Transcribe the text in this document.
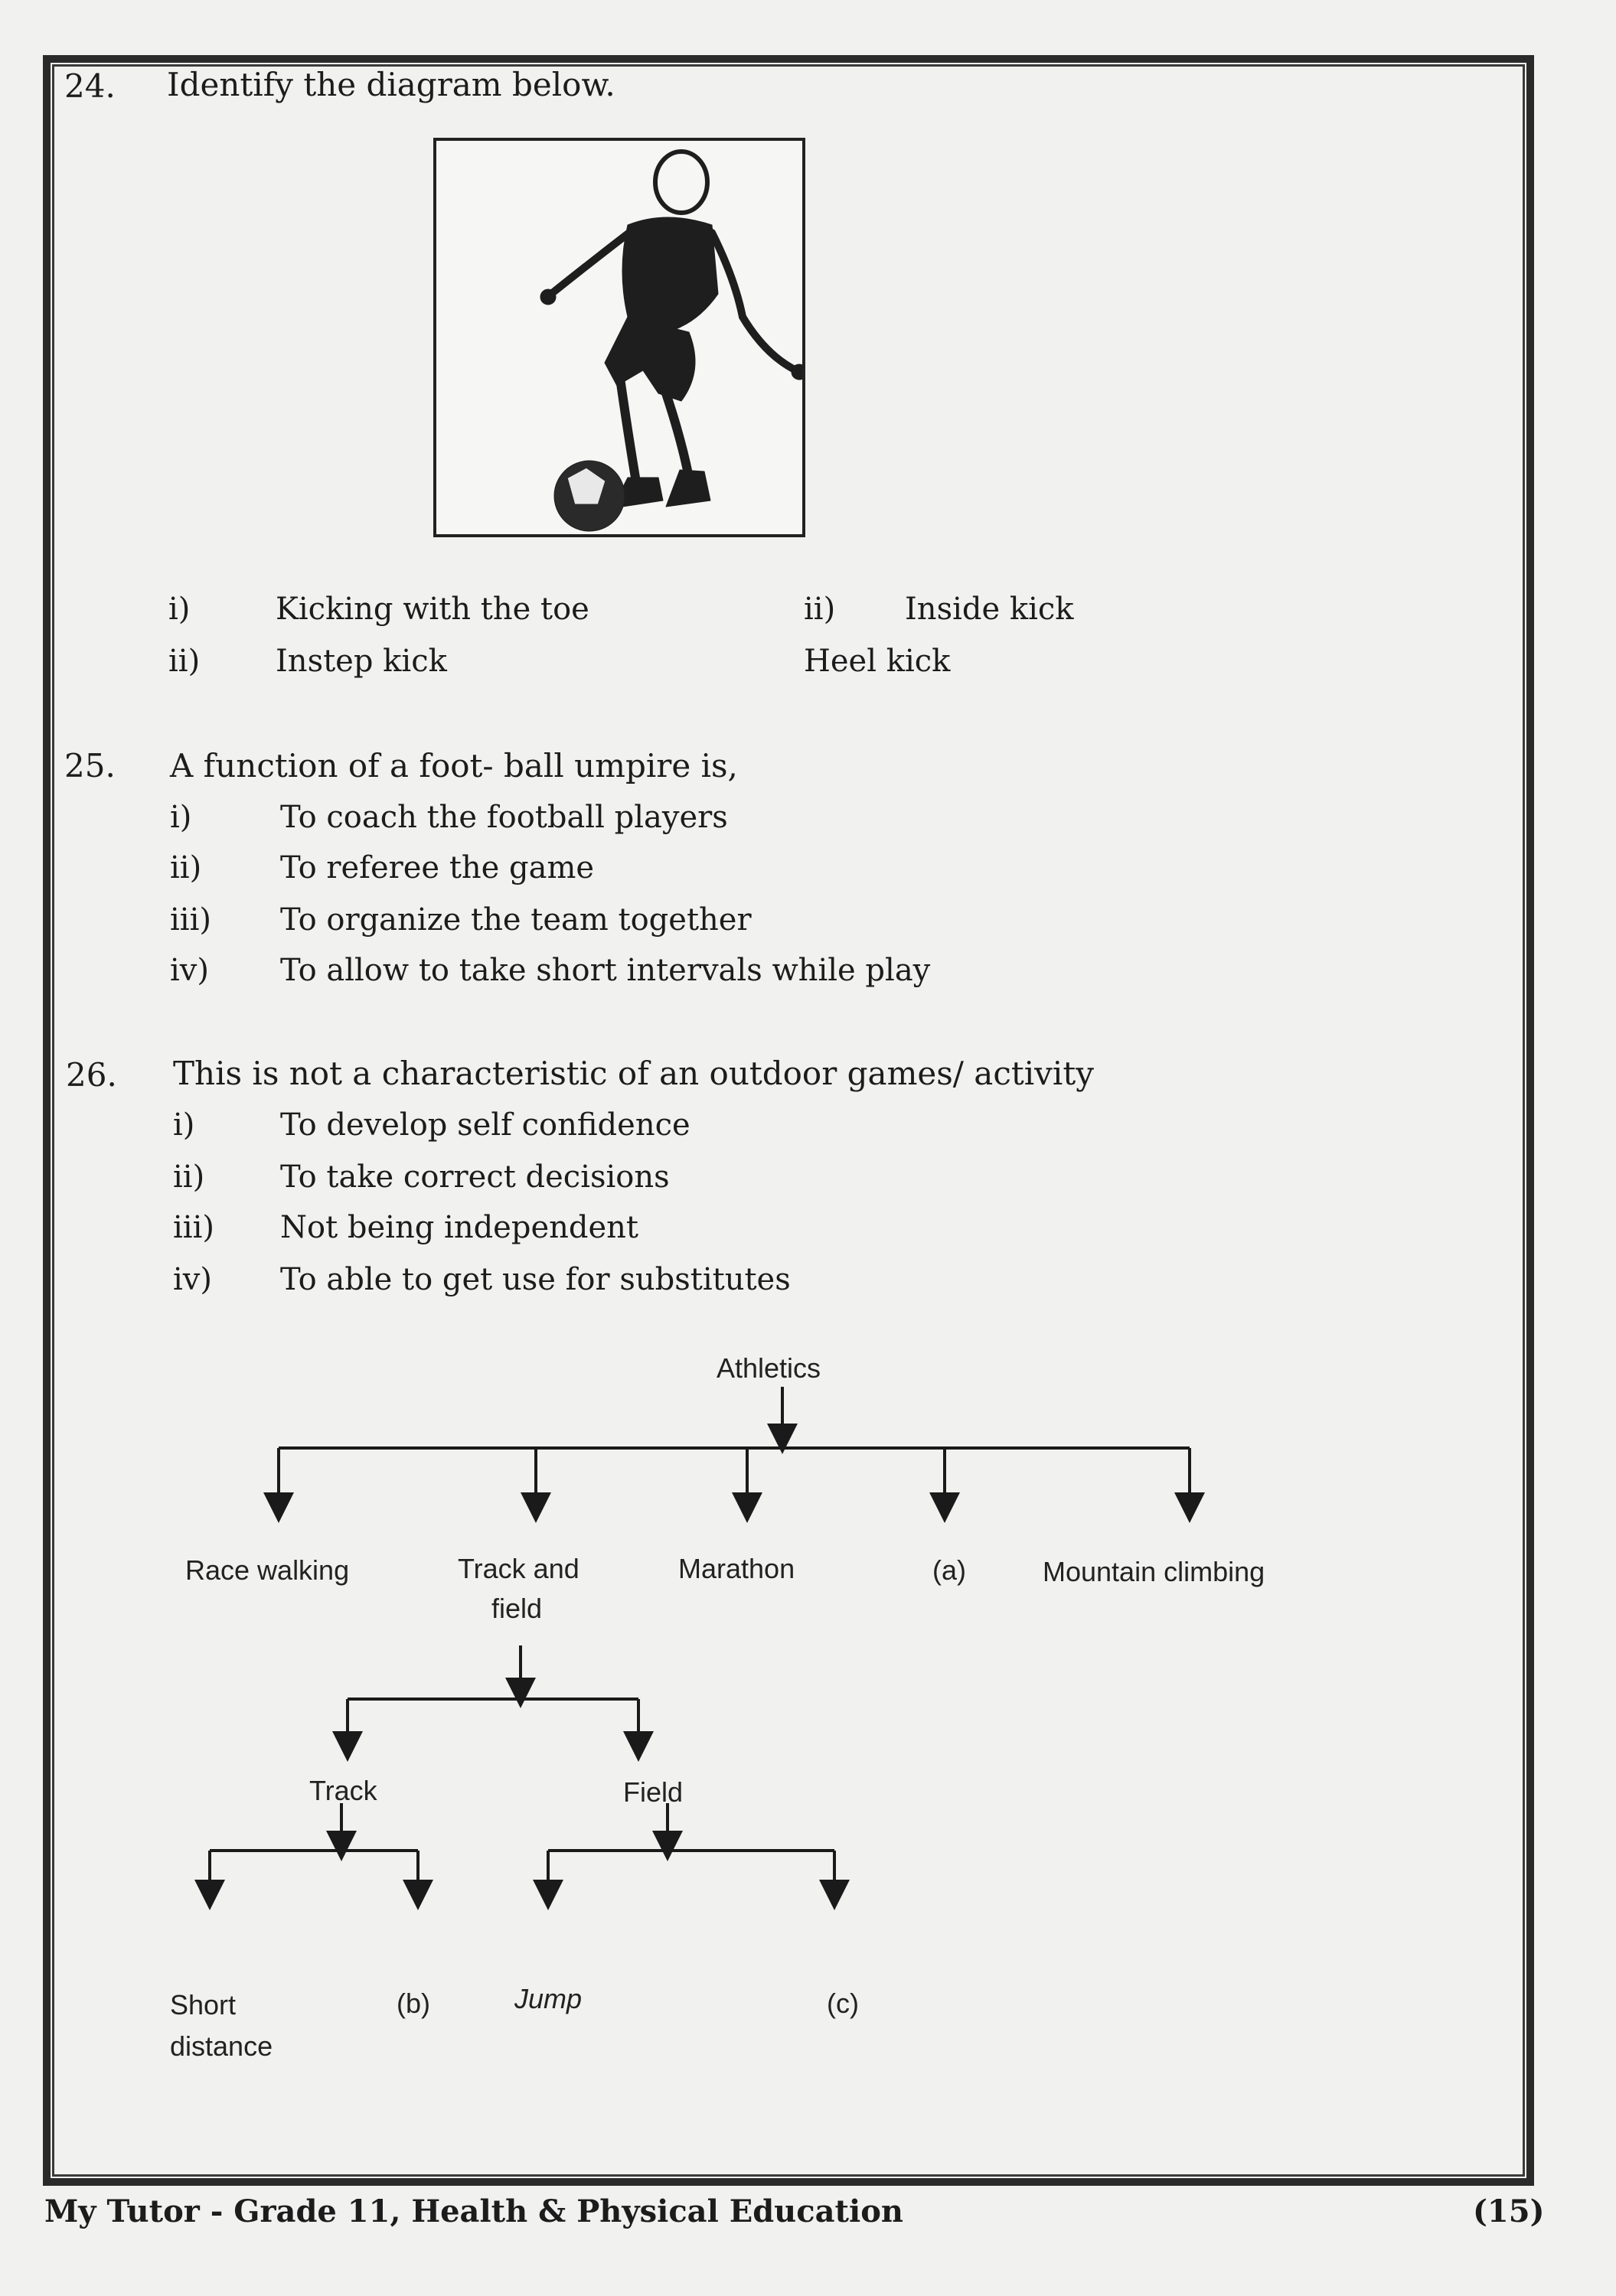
24. Identify the diagram below.
i)	Kicking with the toe	ii) Inside kick
ii) Instep kick	Heel kick
25. A function of a foot- ball umpire is,
i)	To coach the football players
ii)	To referee the game
iii) To organize the team together
iv) To allow to take short intervals while play
26. This is not a characteristic of an outdoor games/ activity
i)	To develop self confidence
ii) To take correct decisions
iii) Not being independent
iv) To able to get use for substitutes
Athletics
Race walking	Track and
field
Marathon	(a)	Mountain climbing
Track	Field
Short
distance
(b)	Jump	(c)
My Tutor - Grade 11, Health & Physical Education	(15)
